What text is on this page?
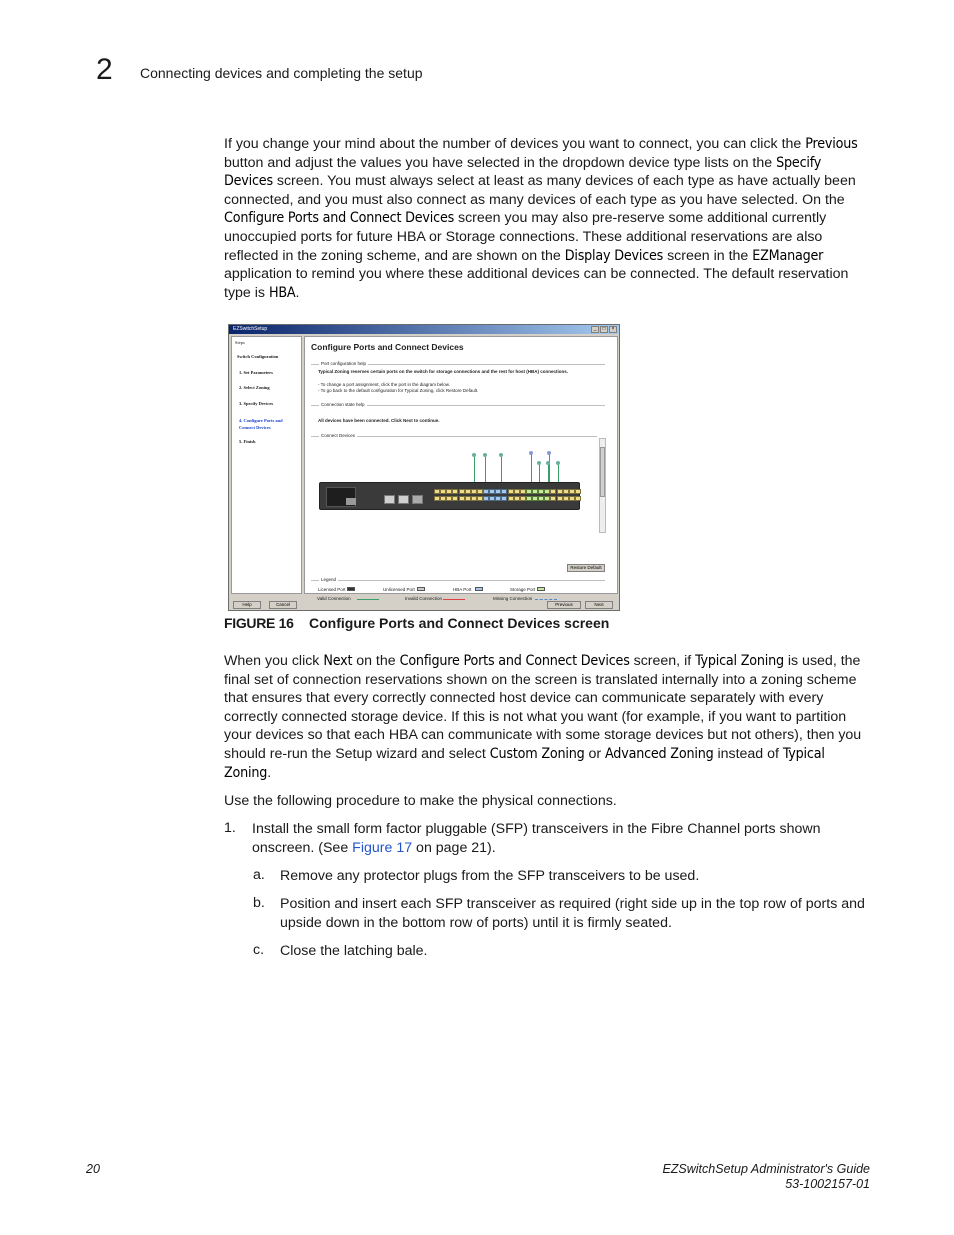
2 Connecting devices and completing the setup

If you change your mind about the number of devices you want to connect, you can click the Previous button and adjust the values you have selected in the dropdown device type lists on the Specify Devices screen. You must always select at least as many devices of each type as have actually been connected, and you must also connect as many devices of each type as you have selected. On the Configure Ports and Connect Devices screen you may also pre-reserve some additional currently unoccupied ports for future HBA or Storage connections. These additional reservations are also reflected in the zoning scheme, and are shown on the Display Devices screen in the EZManager application to remind you where these additional devices can be connected. The default reservation type is HBA.

EZSwitchSetup	_	□	×
Steps
Switch Configuration
1. Set Parameters
2. Select Zoning
3. Specify Devices
4. Configure Ports and Connect Devices
5. Finish
Configure Ports and Connect Devices
Port configuration help
Typical Zoning reserves certain ports on the switch for storage connections and the rest for host (HBA) connections.
- To change a port assignment, click the port in the diagram below.
- To go back to the default configuration for Typical Zoning, click Restore Default.
Connection state help
All devices have been connected. Click Next to continue.
Connect Devices
Restore Default
Legend
Licensed Port	Unlicensed Port	HBA Port	Storage Port
Valid Connection	Invalid Connection	Missing Connection
Help	Cancel	Previous	Next
FIGURE 16 Configure Ports and Connect Devices screen

When you click Next on the Configure Ports and Connect Devices screen, if Typical Zoning is used, the final set of connection reservations shown on the screen is translated internally into a zoning scheme that ensures that every correctly connected host device can communicate separately with every correctly connected storage device. If this is not what you want (for example, if you want to partition your devices so that each HBA can communicate with some storage devices but not others), then you should re-run the Setup wizard and select Custom Zoning or Advanced Zoning instead of Typical Zoning.

Use the following procedure to make the physical connections.

1. Install the small form factor pluggable (SFP) transceivers in the Fibre Channel ports shown onscreen. (See Figure 17 on page 21).
a. Remove any protector plugs from the SFP transceivers to be used.
b. Position and insert each SFP transceiver as required (right side up in the top row of ports and upside down in the bottom row of ports) until it is firmly seated.
c. Close the latching bale.
20	EZSwitchSetup Administrator's Guide
53-1002157-01
